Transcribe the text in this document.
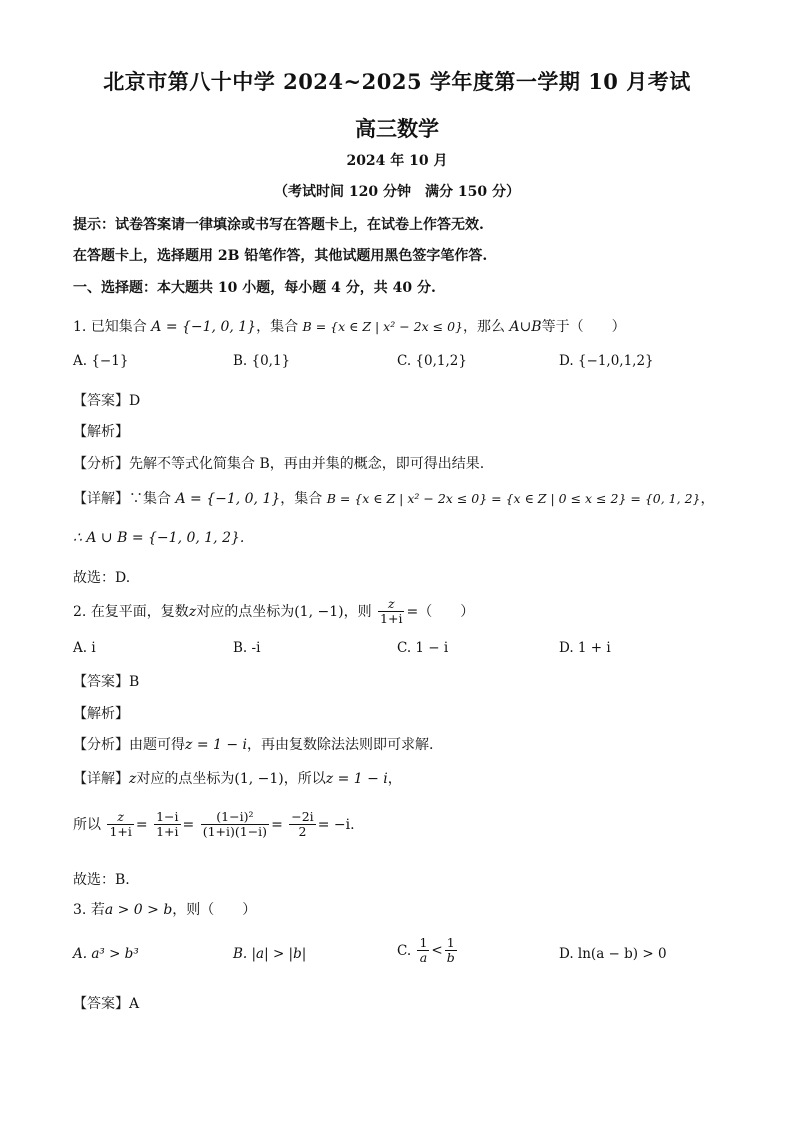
北京市第八十中学 2024~2025 学年度第一学期 10 月考试
高三数学
2024 年 10 月
（考试时间 120 分钟　满分 150 分）
提示：试卷答案请一律填涂或书写在答题卡上，在试卷上作答无效.
在答题卡上，选择题用 2B 铅笔作答，其他试题用黑色签字笔作答.
一、选择题：本大题共 10 小题，每小题 4 分，共 40 分.
1. 已知集合 A = {−1, 0, 1}，集合 B = {x ∈ Z | x² − 2x ≤ 0}，那么 A∪B等于（　　）
A. {−1}	B. {0,1}	C. {0,1,2}	D. {−1,0,1,2}
【答案】D
【解析】
【分析】先解不等式化简集合 B，再由并集的概念，即可得出结果.
【详解】∵集合 A = {−1, 0, 1}，集合 B = {x ∈ Z | x² − 2x ≤ 0} = {x ∈ Z | 0 ≤ x ≤ 2} = {0, 1, 2}，
∴ A ∪ B = {−1, 0, 1, 2}.
故选：D.
2. 在复平面，复数z对应的点坐标为(1, −1)，则 $\frac{z}{1+i}$ =（　　）
A. i	B. -i	C. 1 − i	D. 1 + i
【答案】B
【解析】
【分析】由题可得z = 1 − i，再由复数除法法则即可求解.
【详解】z对应的点坐标为(1, −1)，所以z = 1 − i，
所以 $\frac{z}{1+i} = \frac{1-i}{1+i} = \frac{\text{(1−i)²}}{(1+i)(1-i)} = \frac{-2i}{2} = -i$.
故选：B.
3. 若a > 0 > b，则（　　）
A. a³ > b³	B. |a| > |b|	C. $\frac{1}{a} < \frac{1}{b}$	D. ln(a − b) > 0
【答案】A
